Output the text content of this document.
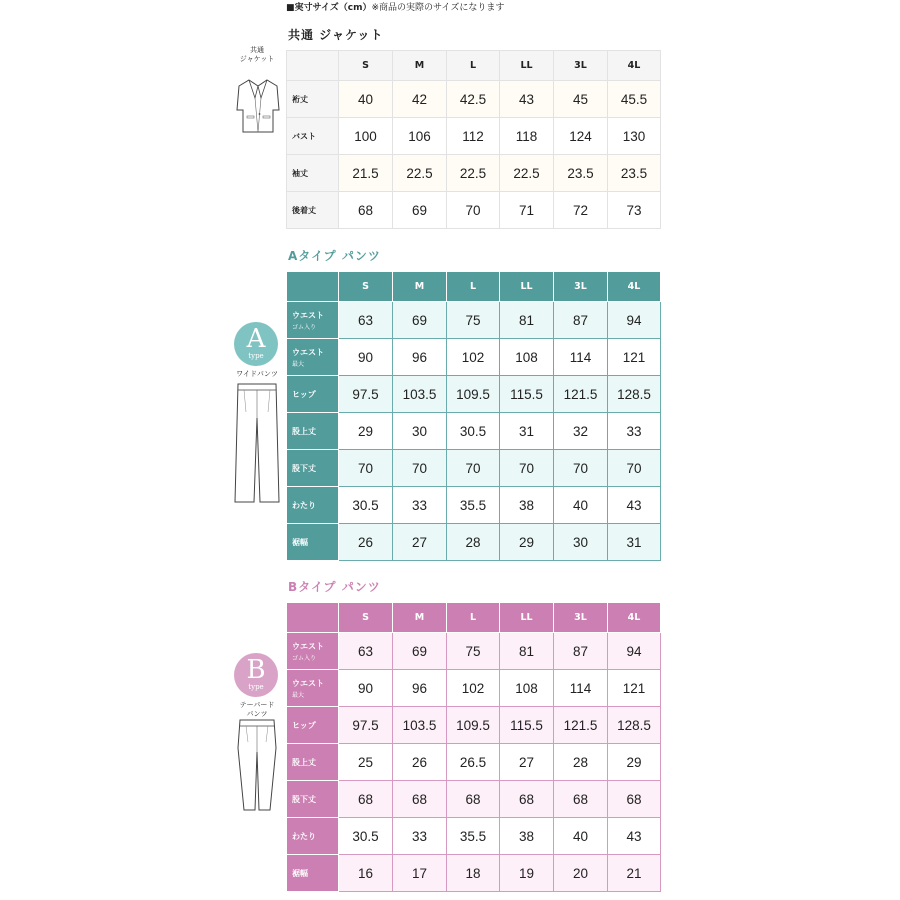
■実寸サイズ（cm）※商品の実際のサイズになります
共通 ジャケット
共通
ジャケット
	S	M	L	LL	3L	4L
裄丈	40	42	42.5	43	45	45.5
バスト	100	106	112	118	124	130
袖丈	21.5	22.5	22.5	22.5	23.5	23.5
後着丈	68	69	70	71	72	73
Aタイプ パンツ
A
type
ワイドパンツ
	S	M	L	LL	3L	4L
ウエスト
ゴム入り	63	69	75	81	87	94
ウエスト
最大	90	96	102	108	114	121
ヒップ	97.5	103.5	109.5	115.5	121.5	128.5
股上丈	29	30	30.5	31	32	33
股下丈	70	70	70	70	70	70
わたり	30.5	33	35.5	38	40	43
裾幅	26	27	28	29	30	31
Bタイプ パンツ
B
type
テーパード
パンツ
	S	M	L	LL	3L	4L
ウエスト
ゴム入り	63	69	75	81	87	94
ウエスト
最大	90	96	102	108	114	121
ヒップ	97.5	103.5	109.5	115.5	121.5	128.5
股上丈	25	26	26.5	27	28	29
股下丈	68	68	68	68	68	68
わたり	30.5	33	35.5	38	40	43
裾幅	16	17	18	19	20	21
